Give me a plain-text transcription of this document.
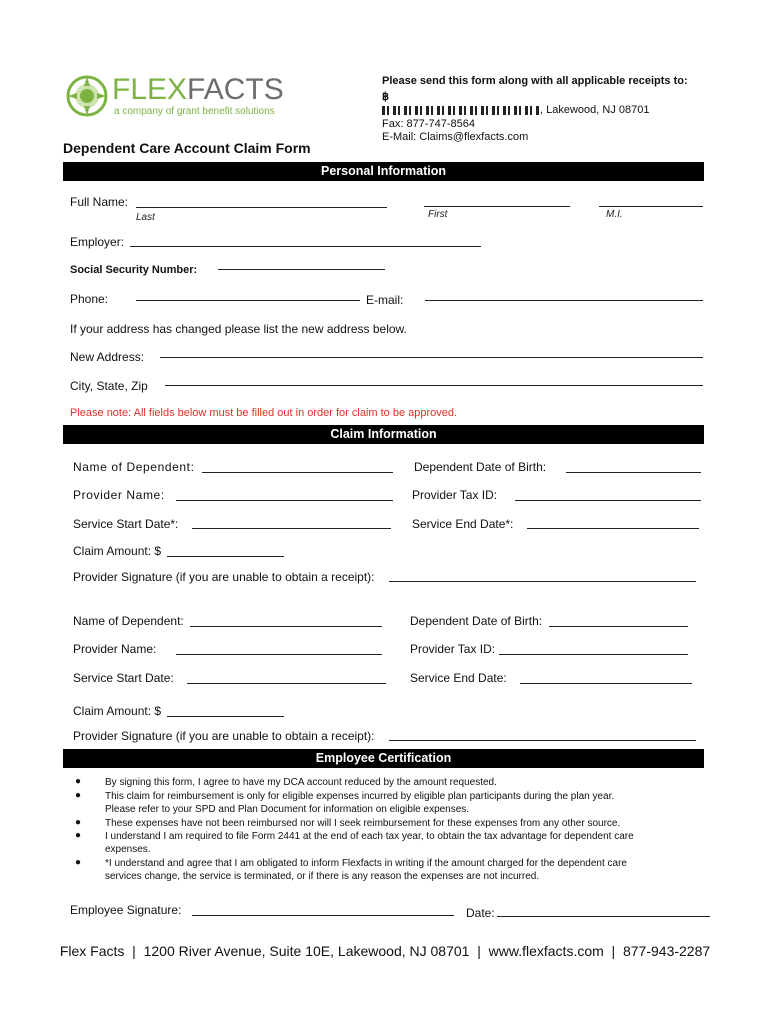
FLEXFACTS
a company of grant benefit solutions
Please send this form along with all applicable receipts to:
฿
, Lakewood, NJ 08701
Fax: 877-747-8564
E-Mail: Claims@flexfacts.com
Dependent Care Account Claim Form
Personal Information
Full Name:
Last	First	M.I.
Employer:
Social Security Number:
Phone:	E-mail:
If your address has changed please list the new address below.
New Address:
City, State, Zip
Please note: All fields below must be filled out in order for claim to be approved.
Claim Information
Name of Dependent:	Dependent Date of Birth:
Provider Name:	Provider Tax ID:
Service Start Date*:	Service End Date*:
Claim Amount: $
Provider Signature (if you are unable to obtain a receipt):
Name of Dependent:	Dependent Date of Birth:
Provider Name:	Provider Tax ID:
Service Start Date:	Service End Date:
Claim Amount: $
Provider Signature (if you are unable to obtain a receipt):
Employee Certification
●
●
●
●
●
By signing this form, I agree to have my DCA account reduced by the amount requested.
This claim for reimbursement is only for eligible expenses incurred by eligible plan participants during the plan year.
Please refer to your SPD and Plan Document for information on eligible expenses.
These expenses have not been reimbursed nor will I seek reimbursement for these expenses from any other source.
I understand I am required to file Form 2441 at the end of each tax year, to obtain the tax advantage for dependent care
expenses.
*I understand and agree that I am obligated to inform Flexfacts in writing if the amount charged for the dependent care
services change, the service is terminated, or if there is any reason the expenses are not incurred.
Employee Signature:	Date:
Flex Facts  |  1200 River Avenue, Suite 10E, Lakewood, NJ 08701  |  www.flexfacts.com  |  877-943-2287
